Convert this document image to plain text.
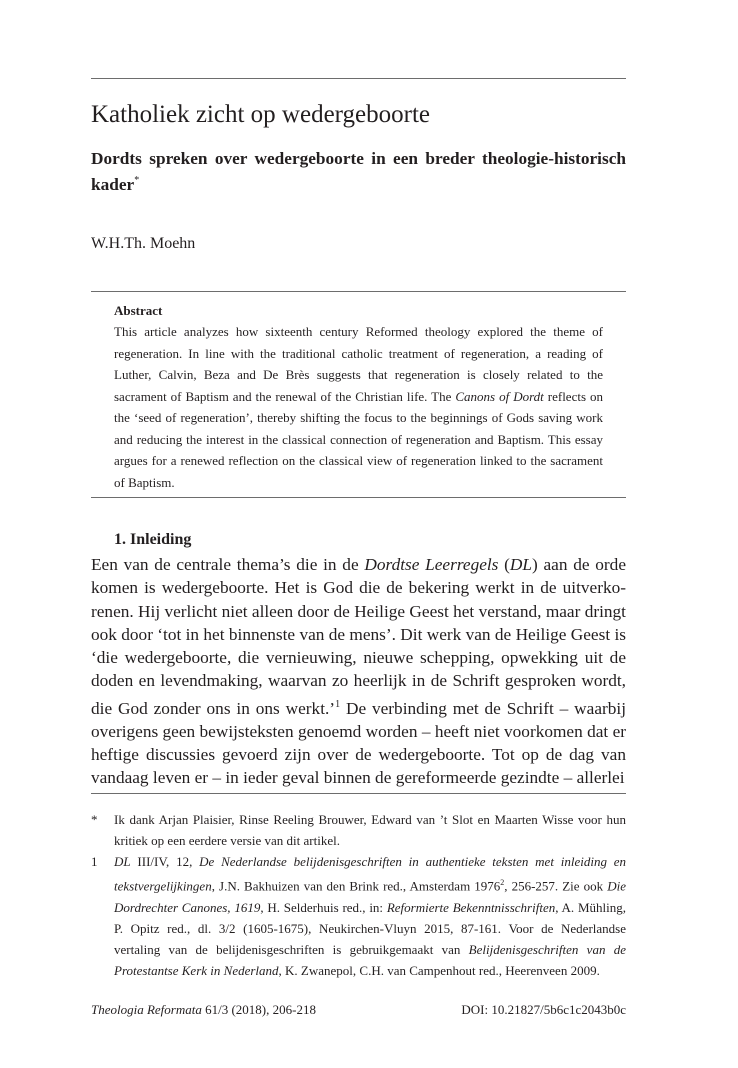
Katholiek zicht op wedergeboorte
Dordts spreken over wedergeboorte in een breder theologie-historisch kader*
W.H.Th. Moehn
Abstract
This article analyzes how sixteenth century Reformed theology explored the theme of regeneration. In line with the traditional catholic treatment of regeneration, a reading of Luther, Calvin, Beza and De Brès suggests that regeneration is closely related to the sacrament of Baptism and the renewal of the Christian life. The Canons of Dordt reflects on the ‘seed of regeneration’, thereby shifting the focus to the beginnings of Gods saving work and reducing the interest in the classical connection of regeneration and Baptism. This essay argues for a renewed reflection on the classical view of regeneration linked to the sacrament of Baptism.
1. Inleiding
Een van de centrale thema’s die in de Dordtse Leerregels (DL) aan de orde komen is wedergeboorte. Het is God die de bekering werkt in de uitverkorenen. Hij verlicht niet alleen door de Heilige Geest het verstand, maar dringt ook door ‘tot in het binnenste van de mens’. Dit werk van de Heilige Geest is ‘die wedergeboorte, die vernieuwing, nieuwe schepping, opwekking uit de doden en levendmaking, waarvan zo heerlijk in de Schrift gesproken wordt, die God zonder ons in ons werkt.’$^1$ De verbinding met de Schrift – waarbij overigens geen bewijsteksten genoemd worden – heeft niet voorkomen dat er heftige discussies gevoerd zijn over de wedergeboorte. Tot op de dag van vandaag leven er – in ieder geval binnen de gereformeerde gezindte – allerlei
* Ik dank Arjan Plaisier, Rinse Reeling Brouwer, Edward van ’t Slot en Maarten Wisse voor hun kritiek op een eerdere versie van dit artikel.
1 DL III/IV, 12, De Nederlandse belijdenisgeschriften in authentieke teksten met inleiding en tekstvergelijkingen, J.N. Bakhuizen van den Brink red., Amsterdam 1976$^2$, 256-257. Zie ook Die Dordrechter Canones, 1619, H. Selderhuis red., in: Reformierte Bekenntnisschriften, A. Mühling, P. Opitz red., dl. 3/2 (1605-1675), Neukirchen-Vluyn 2015, 87-161. Voor de Nederlandse vertaling van de belijdenisgeschriften is gebruikgemaakt van Belijdenisgeschriften van de Protestantse Kerk in Nederland, K. Zwanepol, C.H. van Campenhout red., Heerenveen 2009.
Theologia Reformata 61/3 (2018), 206-218	DOI: 10.21827/5b6c1c2043b0c
